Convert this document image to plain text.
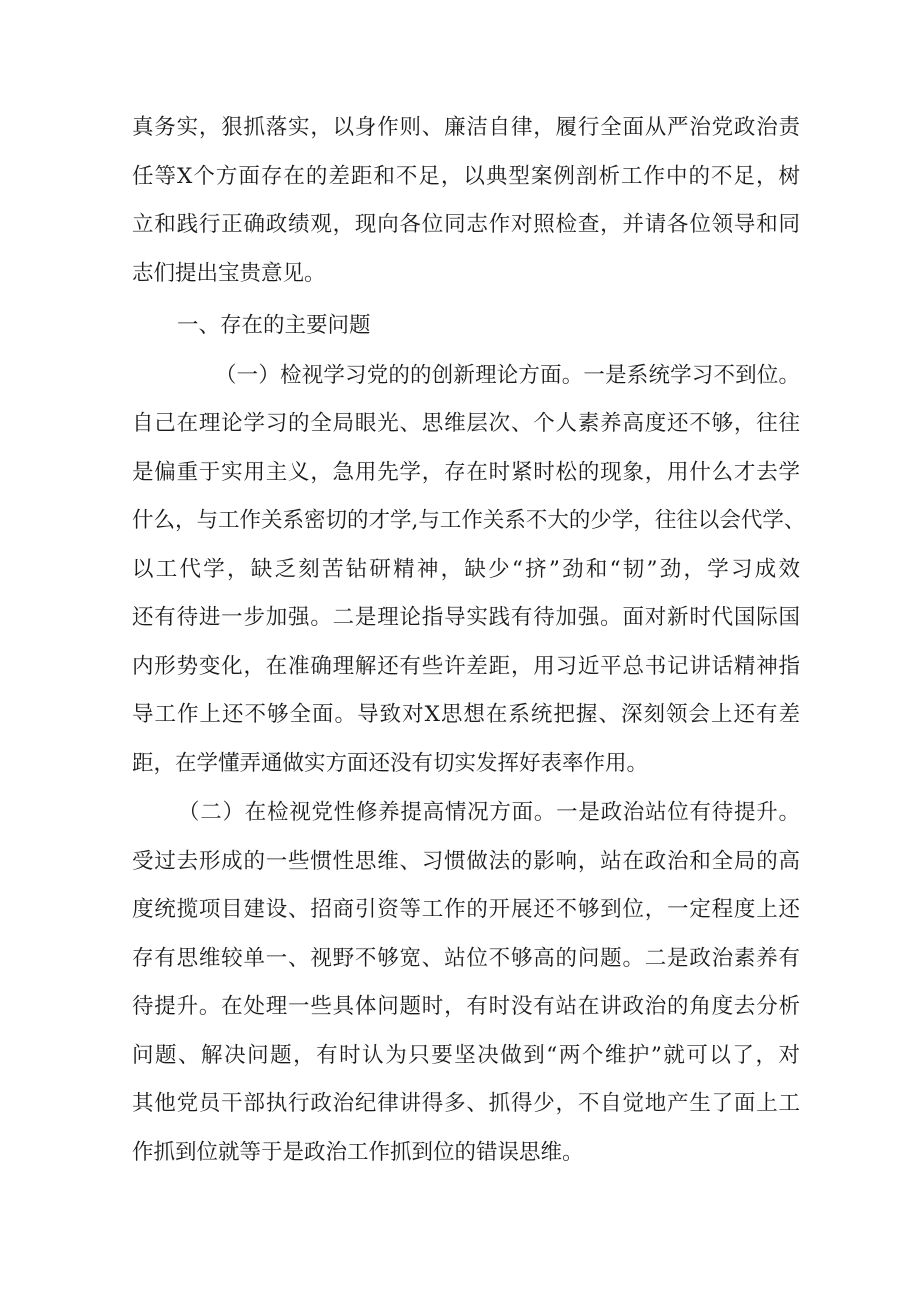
真务实，狠抓落实，以身作则、廉洁自律，履行全面从严治党政治责
任等X个方面存在的差距和不足，以典型案例剖析工作中的不足，树
立和践行正确政绩观，现向各位同志作对照检查，并请各位领导和同
志们提出宝贵意见。
一、存在的主要问题
（一）检视学习党的的创新理论方面。一是系统学习不到位。
自己在理论学习的全局眼光、思维层次、个人素养高度还不够，往往
是偏重于实用主义，急用先学，存在时紧时松的现象，用什么才去学
什么，与工作关系密切的才学,与工作关系不大的少学，往往以会代学、
以工代学，缺乏刻苦钻研精神，缺少“挤”劲和“韧”劲，学习成效
还有待进一步加强。二是理论指导实践有待加强。面对新时代国际国
内形势变化，在准确理解还有些许差距，用习近平总书记讲话精神指
导工作上还不够全面。导致对X思想在系统把握、深刻领会上还有差
距，在学懂弄通做实方面还没有切实发挥好表率作用。
（二）在检视党性修养提高情况方面。一是政治站位有待提升。
受过去形成的一些惯性思维、习惯做法的影响，站在政治和全局的高
度统揽项目建设、招商引资等工作的开展还不够到位，一定程度上还
存有思维较单一、视野不够宽、站位不够高的问题。二是政治素养有
待提升。在处理一些具体问题时，有时没有站在讲政治的角度去分析
问题、解决问题，有时认为只要坚决做到“两个维护”就可以了，对
其他党员干部执行政治纪律讲得多、抓得少，不自觉地产生了面上工
作抓到位就等于是政治工作抓到位的错误思维。
